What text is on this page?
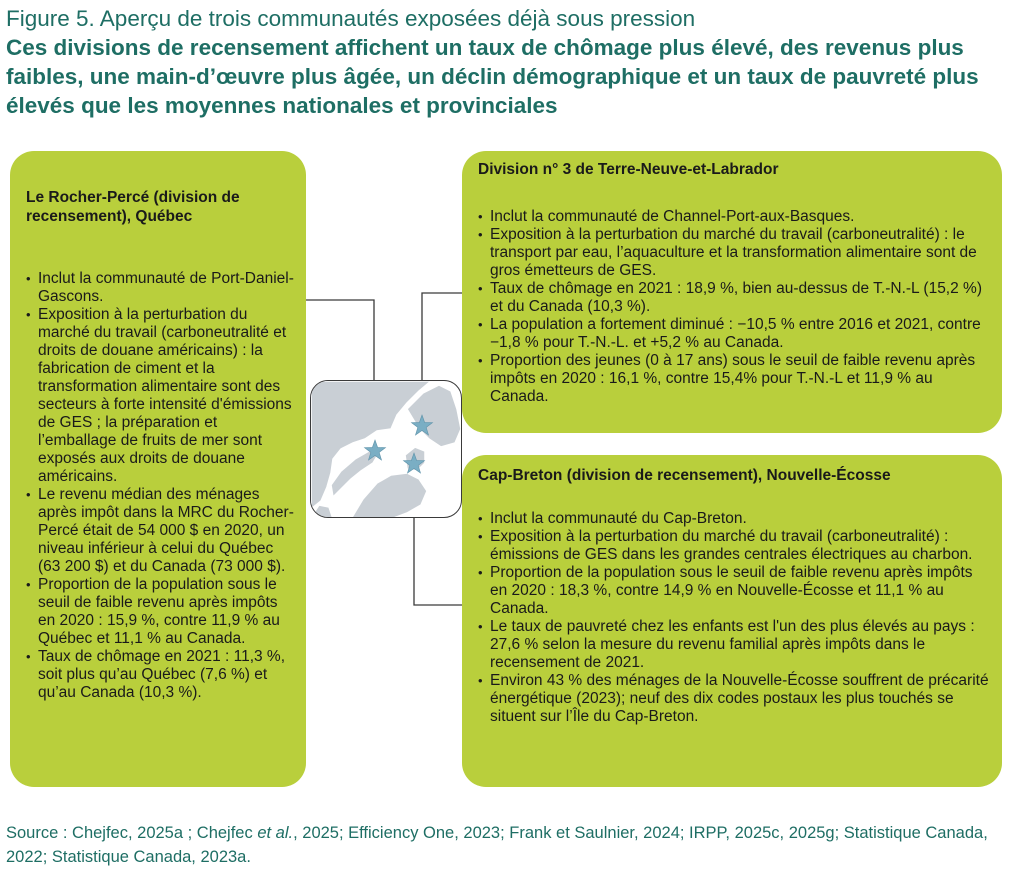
Figure 5. Aperçu de trois communautés exposées déjà sous pression
Ces divisions de recensement affichent un taux de chômage plus élevé, des revenus plus faibles, une main-d’œuvre plus âgée, un déclin démographique et un taux de pauvreté plus élevés que les moyennes nationales et provinciales
Le Rocher-Percé (division de recensement), Québec
• Inclut la communauté de Port-Daniel-Gascons.
• Exposition à la perturbation du marché du travail (carboneutralité et droits de douane américains) : la fabrication de ciment et la transformation alimentaire sont des secteurs à forte intensité d'émissions de GES ; la préparation et l’emballage de fruits de mer sont exposés aux droits de douane américains.
• Le revenu médian des ménages après impôt dans la MRC du Rocher-Percé était de 54 000 $ en 2020, un niveau inférieur à celui du Québec (63 200 $) et du Canada (73 000 $).
• Proportion de la population sous le seuil de faible revenu après impôts en 2020 : 15,9 %, contre 11,9 % au Québec et 11,1 % au Canada.
• Taux de chômage en 2021 : 11,3 %, soit plus qu’au Québec (7,6 %) et qu’au Canada (10,3 %).
Division n° 3 de Terre-Neuve-et-Labrador
• Inclut la communauté de Channel-Port-aux-Basques.
• Exposition à la perturbation du marché du travail (carboneutralité) : le transport par eau, l’aquaculture et la transformation alimentaire sont de gros émetteurs de GES.
• Taux de chômage en 2021 : 18,9 %, bien au-dessus de T.-N.-L (15,2 %) et du Canada (10,3 %).
• La population a fortement diminué : −10,5 % entre 2016 et 2021, contre −1,8 % pour T.-N.-L. et +5,2 % au Canada.
• Proportion des jeunes (0 à 17 ans) sous le seuil de faible revenu après impôts en 2020 : 16,1 %, contre 15,4% pour T.-N.-L et 11,9 % au Canada.
Cap-Breton (division de recensement), Nouvelle-Écosse
• Inclut la communauté du Cap-Breton.
• Exposition à la perturbation du marché du travail (carboneutralité) : émissions de GES dans les grandes centrales électriques au charbon.
• Proportion de la population sous le seuil de faible revenu après impôts en 2020 : 18,3 %, contre 14,9 % en Nouvelle-Écosse et 11,1 % au Canada.
• Le taux de pauvreté chez les enfants est l'un des plus élevés au pays : 27,6 % selon la mesure du revenu familial après impôts dans le recensement de 2021.
• Environ 43 % des ménages de la Nouvelle-Écosse souffrent de précarité énergétique (2023); neuf des dix codes postaux les plus touchés se situent sur l’Île du Cap-Breton.

Source : Chejfec, 2025a ; Chejfec et al., 2025; Efficiency One, 2023; Frank et Saulnier, 2024; IRPP, 2025c, 2025g; Statistique Canada, 2022; Statistique Canada, 2023a.
